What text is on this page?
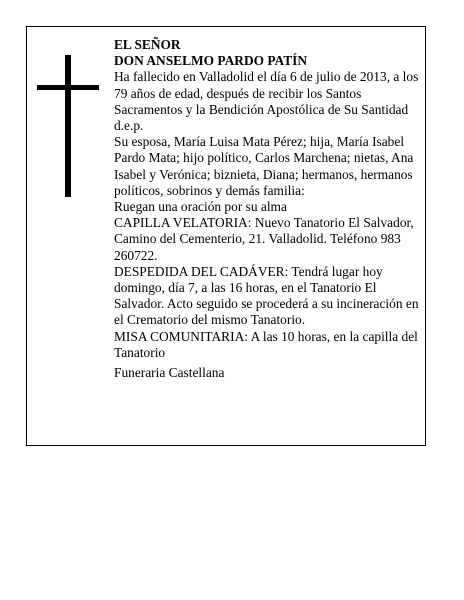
EL SEÑOR

DON ANSELMO PARDO PATÍN

Ha fallecido en Valladolid el día 6 de julio de 2013, a los 79 años de edad, después de recibir los Santos Sacramentos y la Bendición Apostólica de Su Santidad d.e.p.

Su esposa, María Luisa Mata Pérez; hija, María Isabel Pardo Mata; hijo político, Carlos Marchena; nietas, Ana Isabel y Verónica; biznieta, Diana; hermanos, hermanos políticos, sobrinos y demás familia:

Ruegan una oración por su alma

CAPILLA VELATORIA: Nuevo Tanatorio El Salvador, Camino del Cementerio, 21. Valladolid. Teléfono 983 260722.

DESPEDIDA DEL CADÁVER: Tendrá lugar hoy domingo, día 7, a las 16 horas, en el Tanatorio El Salvador. Acto seguido se procederá a su incineración en el Crematorio del mismo Tanatorio.

MISA COMUNITARIA: A las 10 horas, en la capilla del Tanatorio

Funeraria Castellana
